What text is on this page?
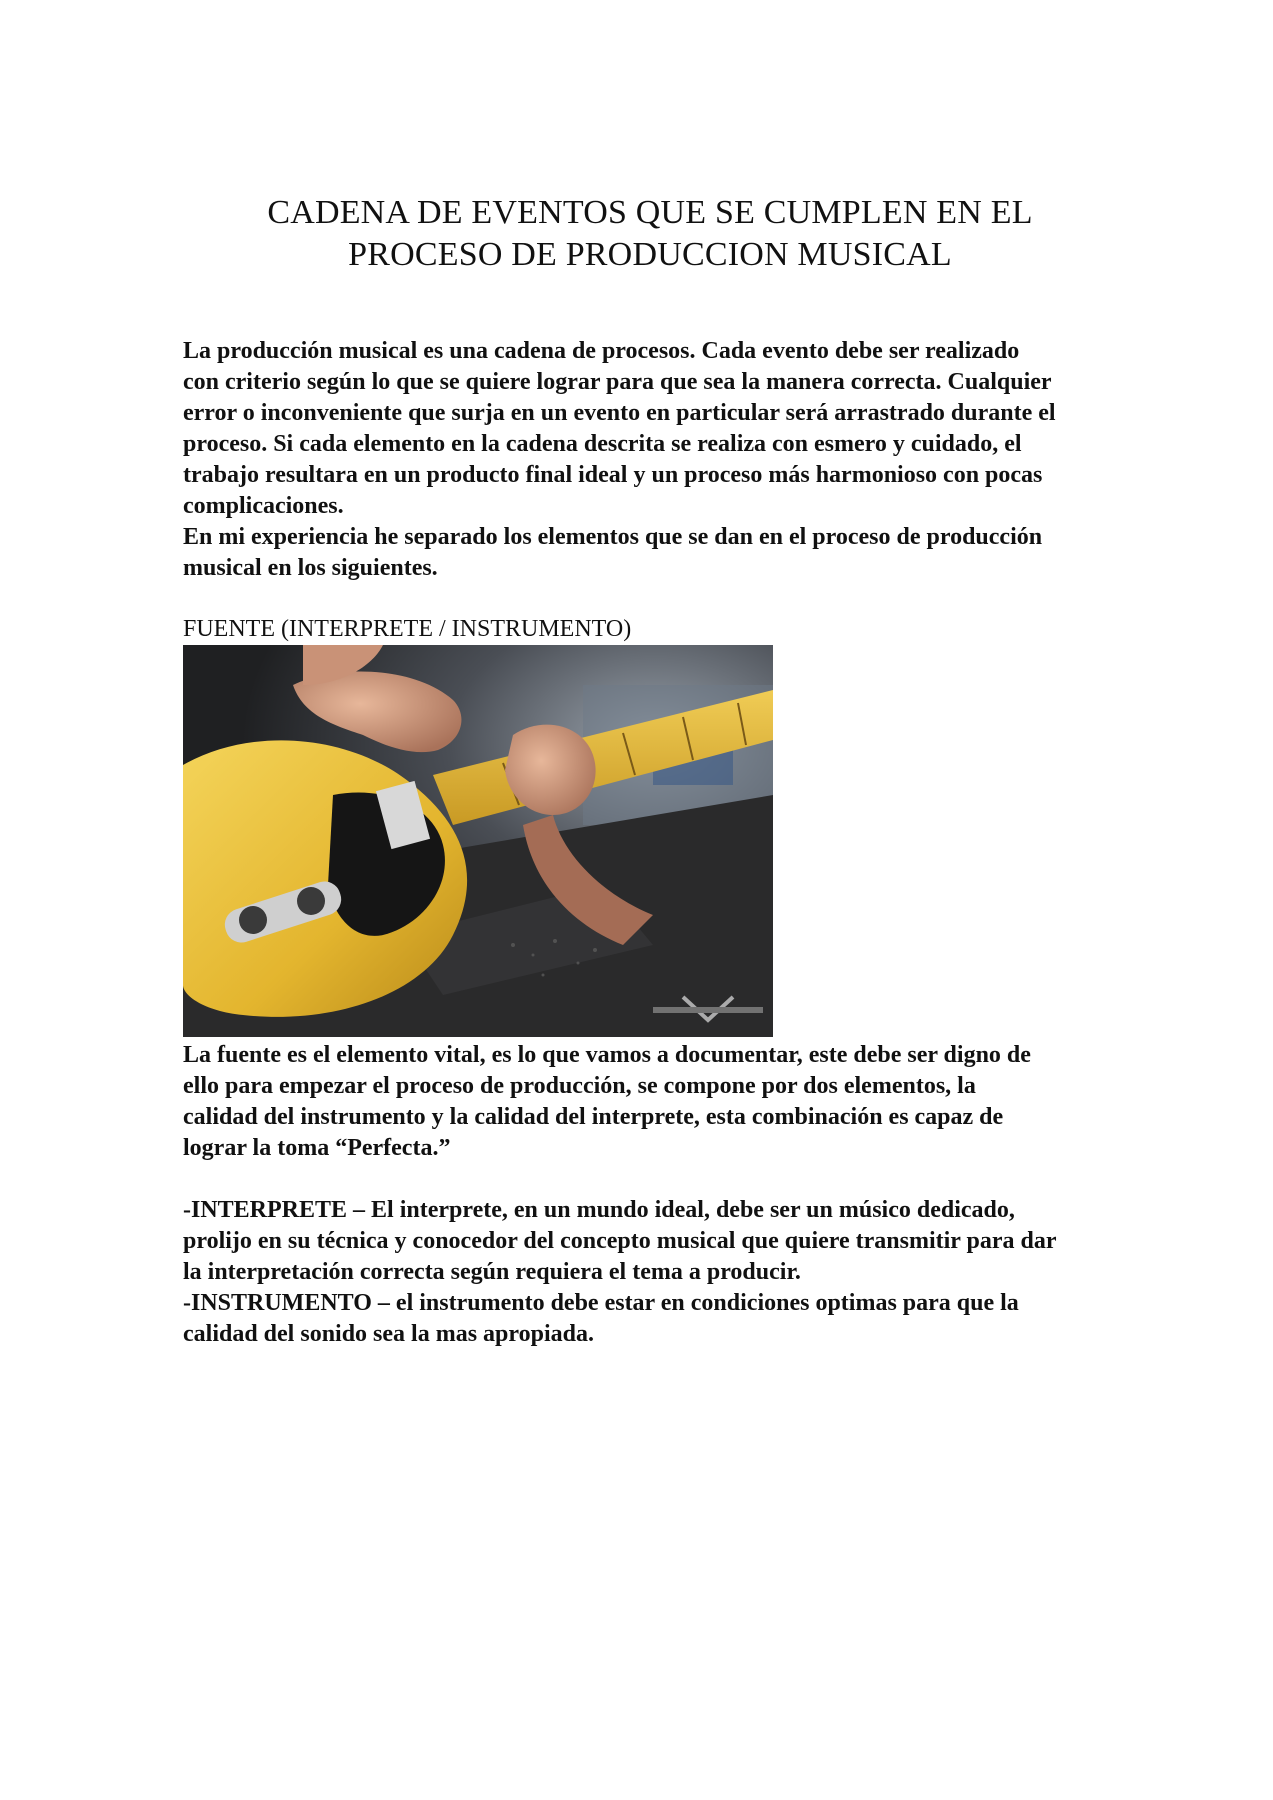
CADENA DE EVENTOS QUE SE CUMPLEN EN EL
PROCESO DE PRODUCCION MUSICAL

La producción musical es una cadena de procesos. Cada evento debe ser realizado
con criterio según lo que se quiere lograr para que sea la manera correcta. Cualquier
error o inconveniente que surja en un evento en particular será arrastrado durante el
proceso. Si cada elemento en la cadena descrita se realiza con esmero y cuidado, el
trabajo resultara en un producto final ideal y un proceso más harmonioso con pocas
complicaciones.

En mi experiencia he separado los elementos que se dan en el proceso de producción
musical en los siguientes.

FUENTE (INTERPRETE / INSTRUMENTO)

La fuente es el elemento vital, es lo que vamos a documentar, este debe ser digno de
ello para empezar el proceso de producción, se compone por dos elementos, la
calidad del instrumento y la calidad del interprete, esta combinación es capaz de
lograr la toma “Perfecta.”

-INTERPRETE – El interprete, en un mundo ideal, debe ser un músico dedicado,
prolijo en su técnica y conocedor del concepto musical que quiere transmitir para dar
la interpretación correcta según requiera el tema a producir.

-INSTRUMENTO – el instrumento debe estar en condiciones optimas para que la
calidad del sonido sea la mas apropiada.
